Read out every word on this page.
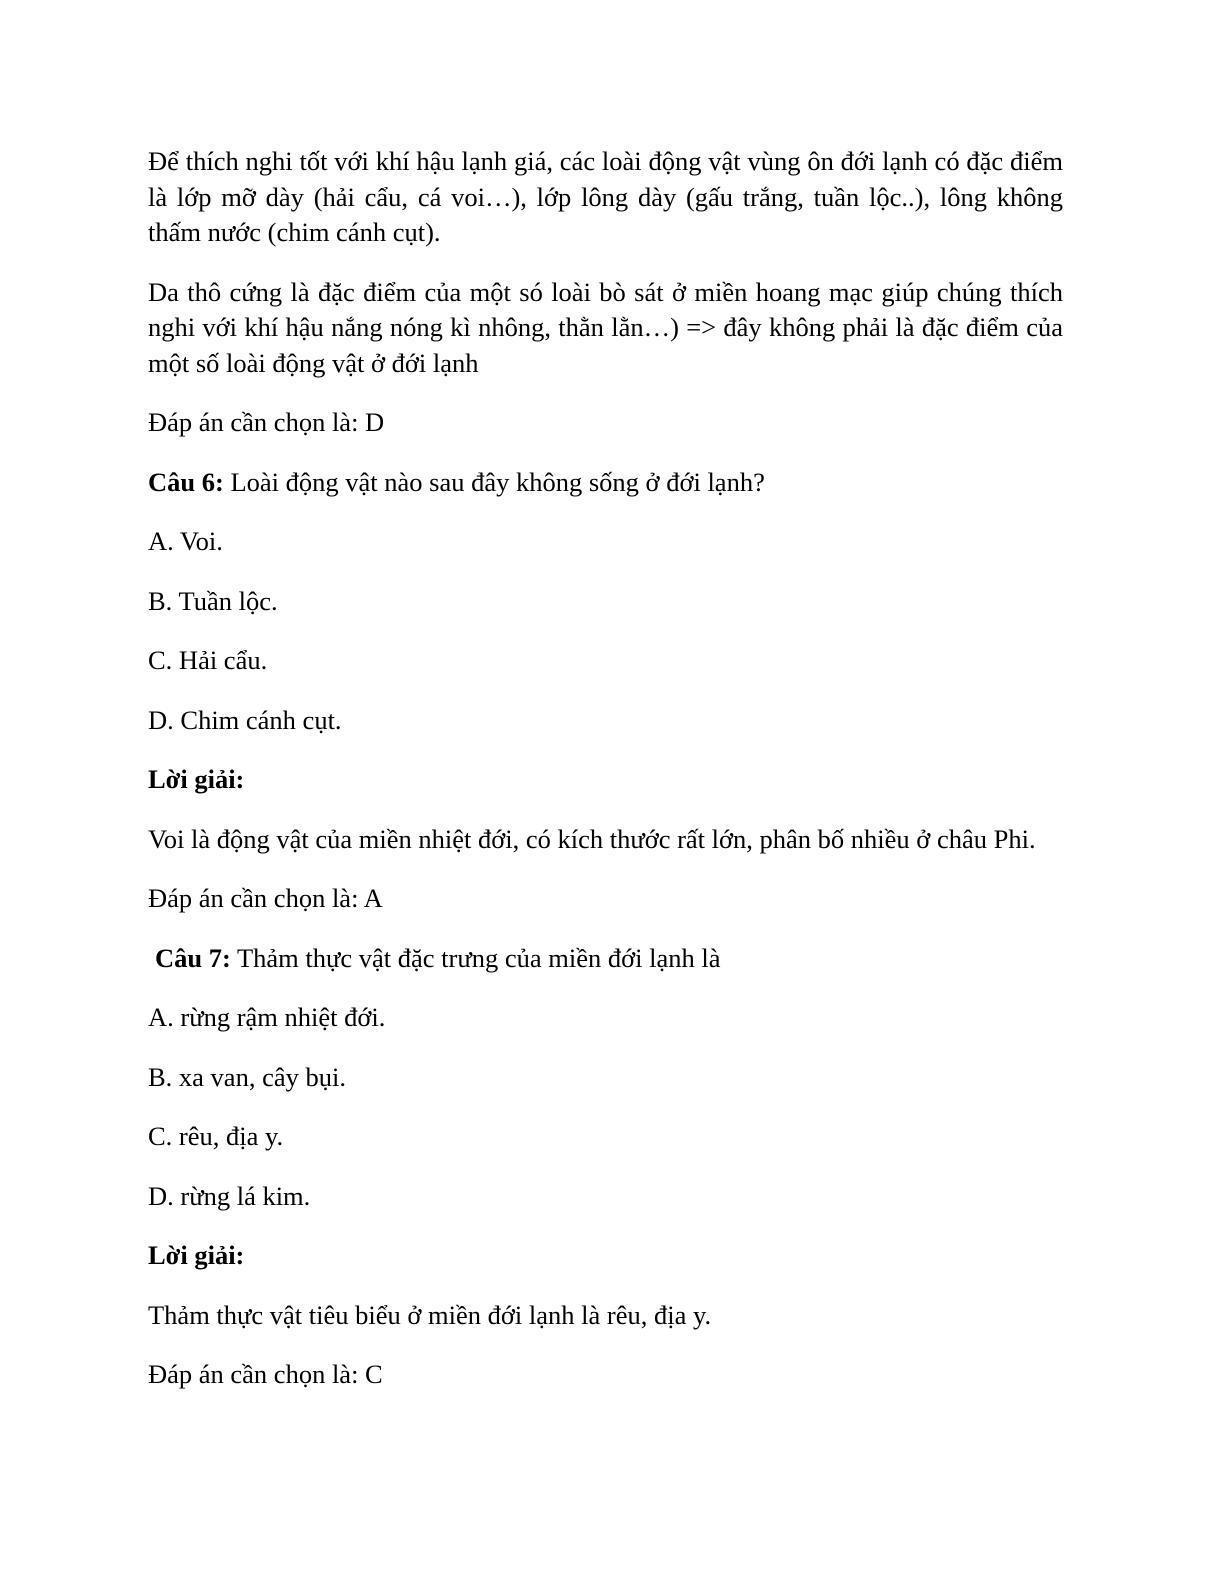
Để thích nghi tốt với khí hậu lạnh giá, các loài động vật vùng ôn đới lạnh có đặc điểm là lớp mỡ dày (hải cẩu, cá voi…), lớp lông dày (gấu trắng, tuần lộc..), lông không thấm nước (chim cánh cụt).

Da thô cứng là đặc điểm của một só loài bò sát ở miền hoang mạc giúp chúng thích nghi với khí hậu nắng nóng kì nhông, thằn lằn…) => đây không phải là đặc điểm của một số loài động vật ở đới lạnh

Đáp án cần chọn là: D

Câu 6: Loài động vật nào sau đây không sống ở đới lạnh?

A. Voi.

B. Tuần lộc.

C. Hải cẩu.

D. Chim cánh cụt.

Lời giải:

Voi là động vật của miền nhiệt đới, có kích thước rất lớn, phân bố nhiều ở châu Phi.

Đáp án cần chọn là: A

Câu 7: Thảm thực vật đặc trưng của miền đới lạnh là

A. rừng rậm nhiệt đới.

B. xa van, cây bụi.

C. rêu, địa y.

D. rừng lá kim.

Lời giải:

Thảm thực vật tiêu biểu ở miền đới lạnh là rêu, địa y.

Đáp án cần chọn là: C
